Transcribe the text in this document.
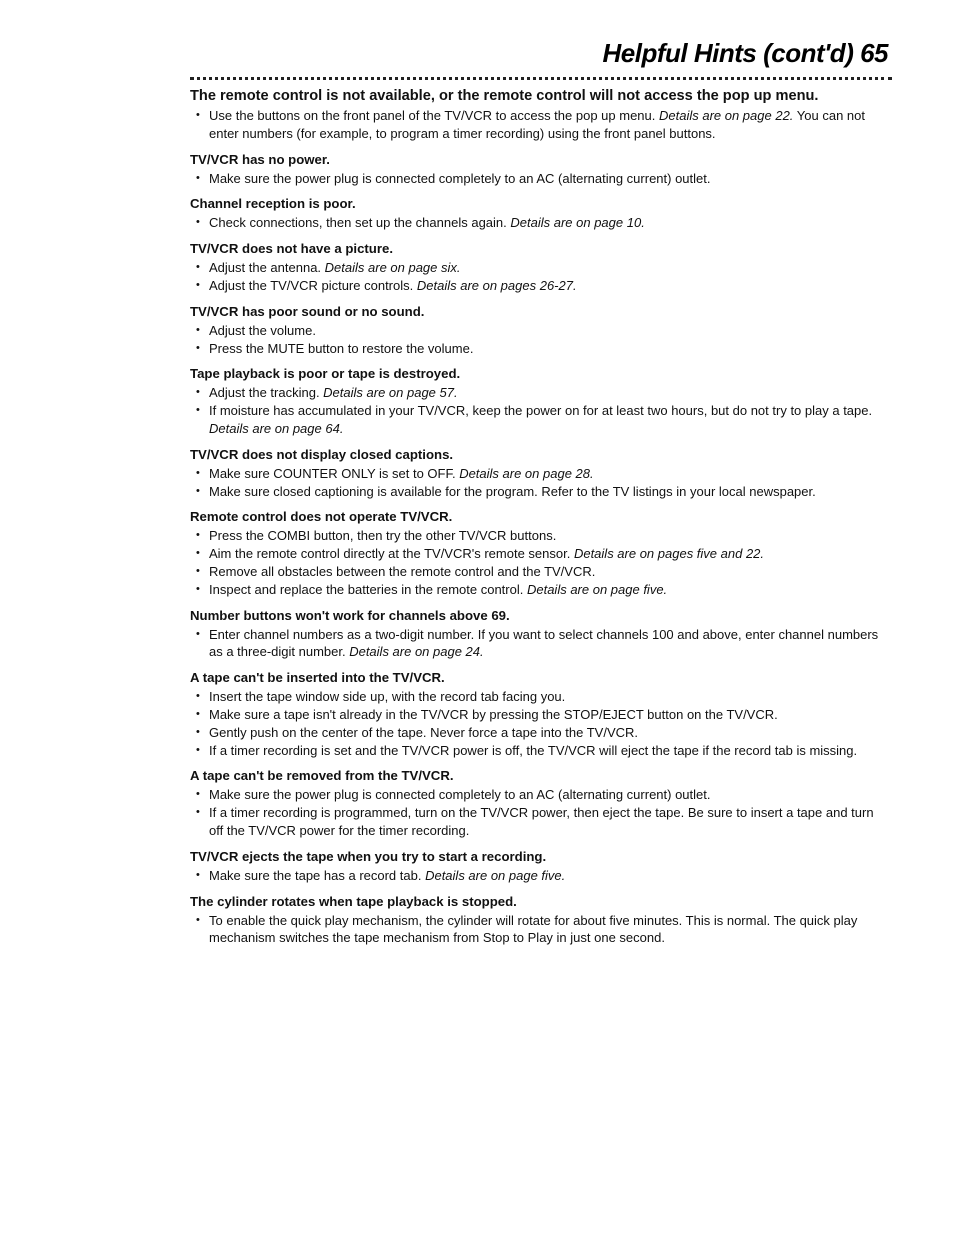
Helpful Hints (cont'd) 65
The remote control is not available, or the remote control will not access the pop up menu.
• Use the buttons on the front panel of the TV/VCR to access the pop up menu. Details are on page 22. You can not enter numbers (for example, to program a timer recording) using the front panel buttons.
TV/VCR has no power.
• Make sure the power plug is connected completely to an AC (alternating current) outlet.
Channel reception is poor.
• Check connections, then set up the channels again. Details are on page 10.
TV/VCR does not have a picture.
• Adjust the antenna. Details are on page six.
• Adjust the TV/VCR picture controls. Details are on pages 26-27.
TV/VCR has poor sound or no sound.
• Adjust the volume.
• Press the MUTE button to restore the volume.
Tape playback is poor or tape is destroyed.
• Adjust the tracking. Details are on page 57.
• If moisture has accumulated in your TV/VCR, keep the power on for at least two hours, but do not try to play a tape. Details are on page 64.
TV/VCR does not display closed captions.
• Make sure COUNTER ONLY is set to OFF. Details are on page 28.
• Make sure closed captioning is available for the program. Refer to the TV listings in your local newspaper.
Remote control does not operate TV/VCR.
• Press the COMBI button, then try the other TV/VCR buttons.
• Aim the remote control directly at the TV/VCR's remote sensor. Details are on pages five and 22.
• Remove all obstacles between the remote control and the TV/VCR.
• Inspect and replace the batteries in the remote control. Details are on page five.
Number buttons won't work for channels above 69.
• Enter channel numbers as a two-digit number. If you want to select channels 100 and above, enter channel numbers as a three-digit number. Details are on page 24.
A tape can't be inserted into the TV/VCR.
• Insert the tape window side up, with the record tab facing you.
• Make sure a tape isn't already in the TV/VCR by pressing the STOP/EJECT button on the TV/VCR.
• Gently push on the center of the tape. Never force a tape into the TV/VCR.
• If a timer recording is set and the TV/VCR power is off, the TV/VCR will eject the tape if the record tab is missing.
A tape can't be removed from the TV/VCR.
• Make sure the power plug is connected completely to an AC (alternating current) outlet.
• If a timer recording is programmed, turn on the TV/VCR power, then eject the tape. Be sure to insert a tape and turn off the TV/VCR power for the timer recording.
TV/VCR ejects the tape when you try to start a recording.
• Make sure the tape has a record tab. Details are on page five.
The cylinder rotates when tape playback is stopped.
• To enable the quick play mechanism, the cylinder will rotate for about five minutes. This is normal. The quick play mechanism switches the tape mechanism from Stop to Play in just one second.
